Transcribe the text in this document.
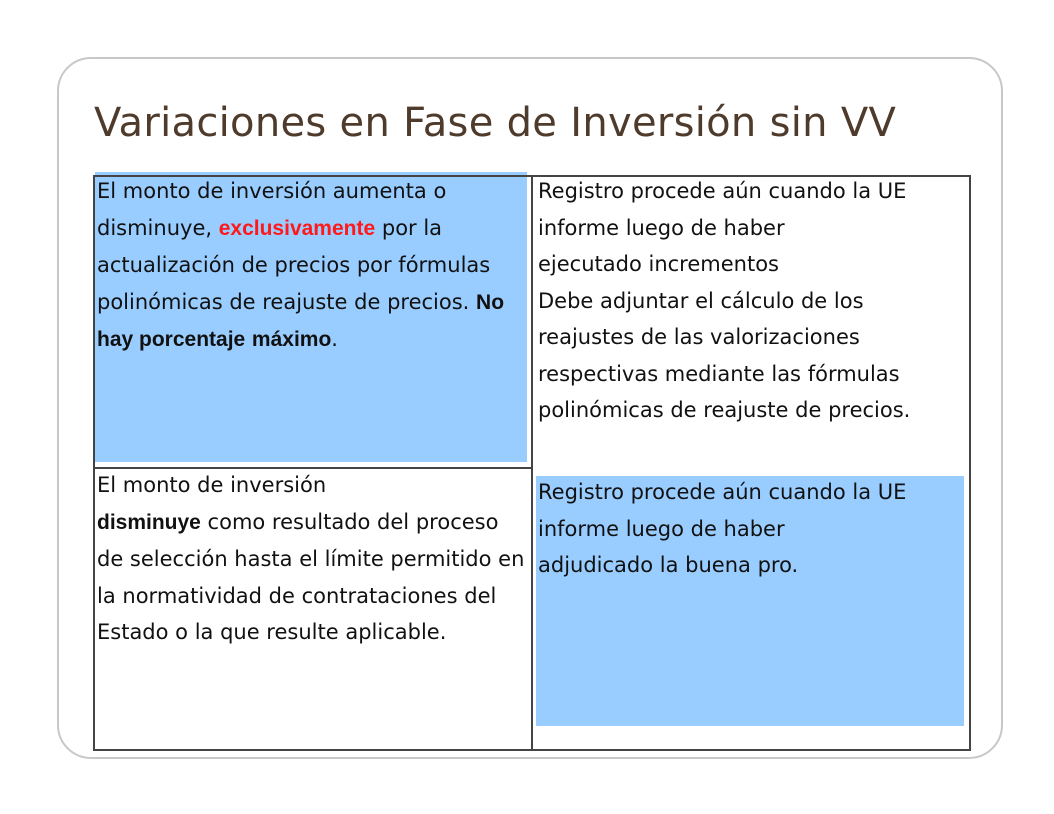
Variaciones en Fase de Inversión sin VV
El monto de inversión aumenta o disminuye, exclusivamente por la actualización de precios por fórmulas polinómicas de reajuste de precios. No hay porcentaje máximo.
Registro procede aún cuando la UE informe luego de haber ejecutado incrementos Debe adjuntar el cálculo de los reajustes de las valorizaciones respectivas mediante las fórmulas polinómicas de reajuste de precios.
El monto de inversión disminuye como resultado del proceso de selección hasta el límite permitido en la normatividad de contrataciones del Estado o la que resulte aplicable.
Registro procede aún cuando la UE informe luego de haber adjudicado la buena pro.
